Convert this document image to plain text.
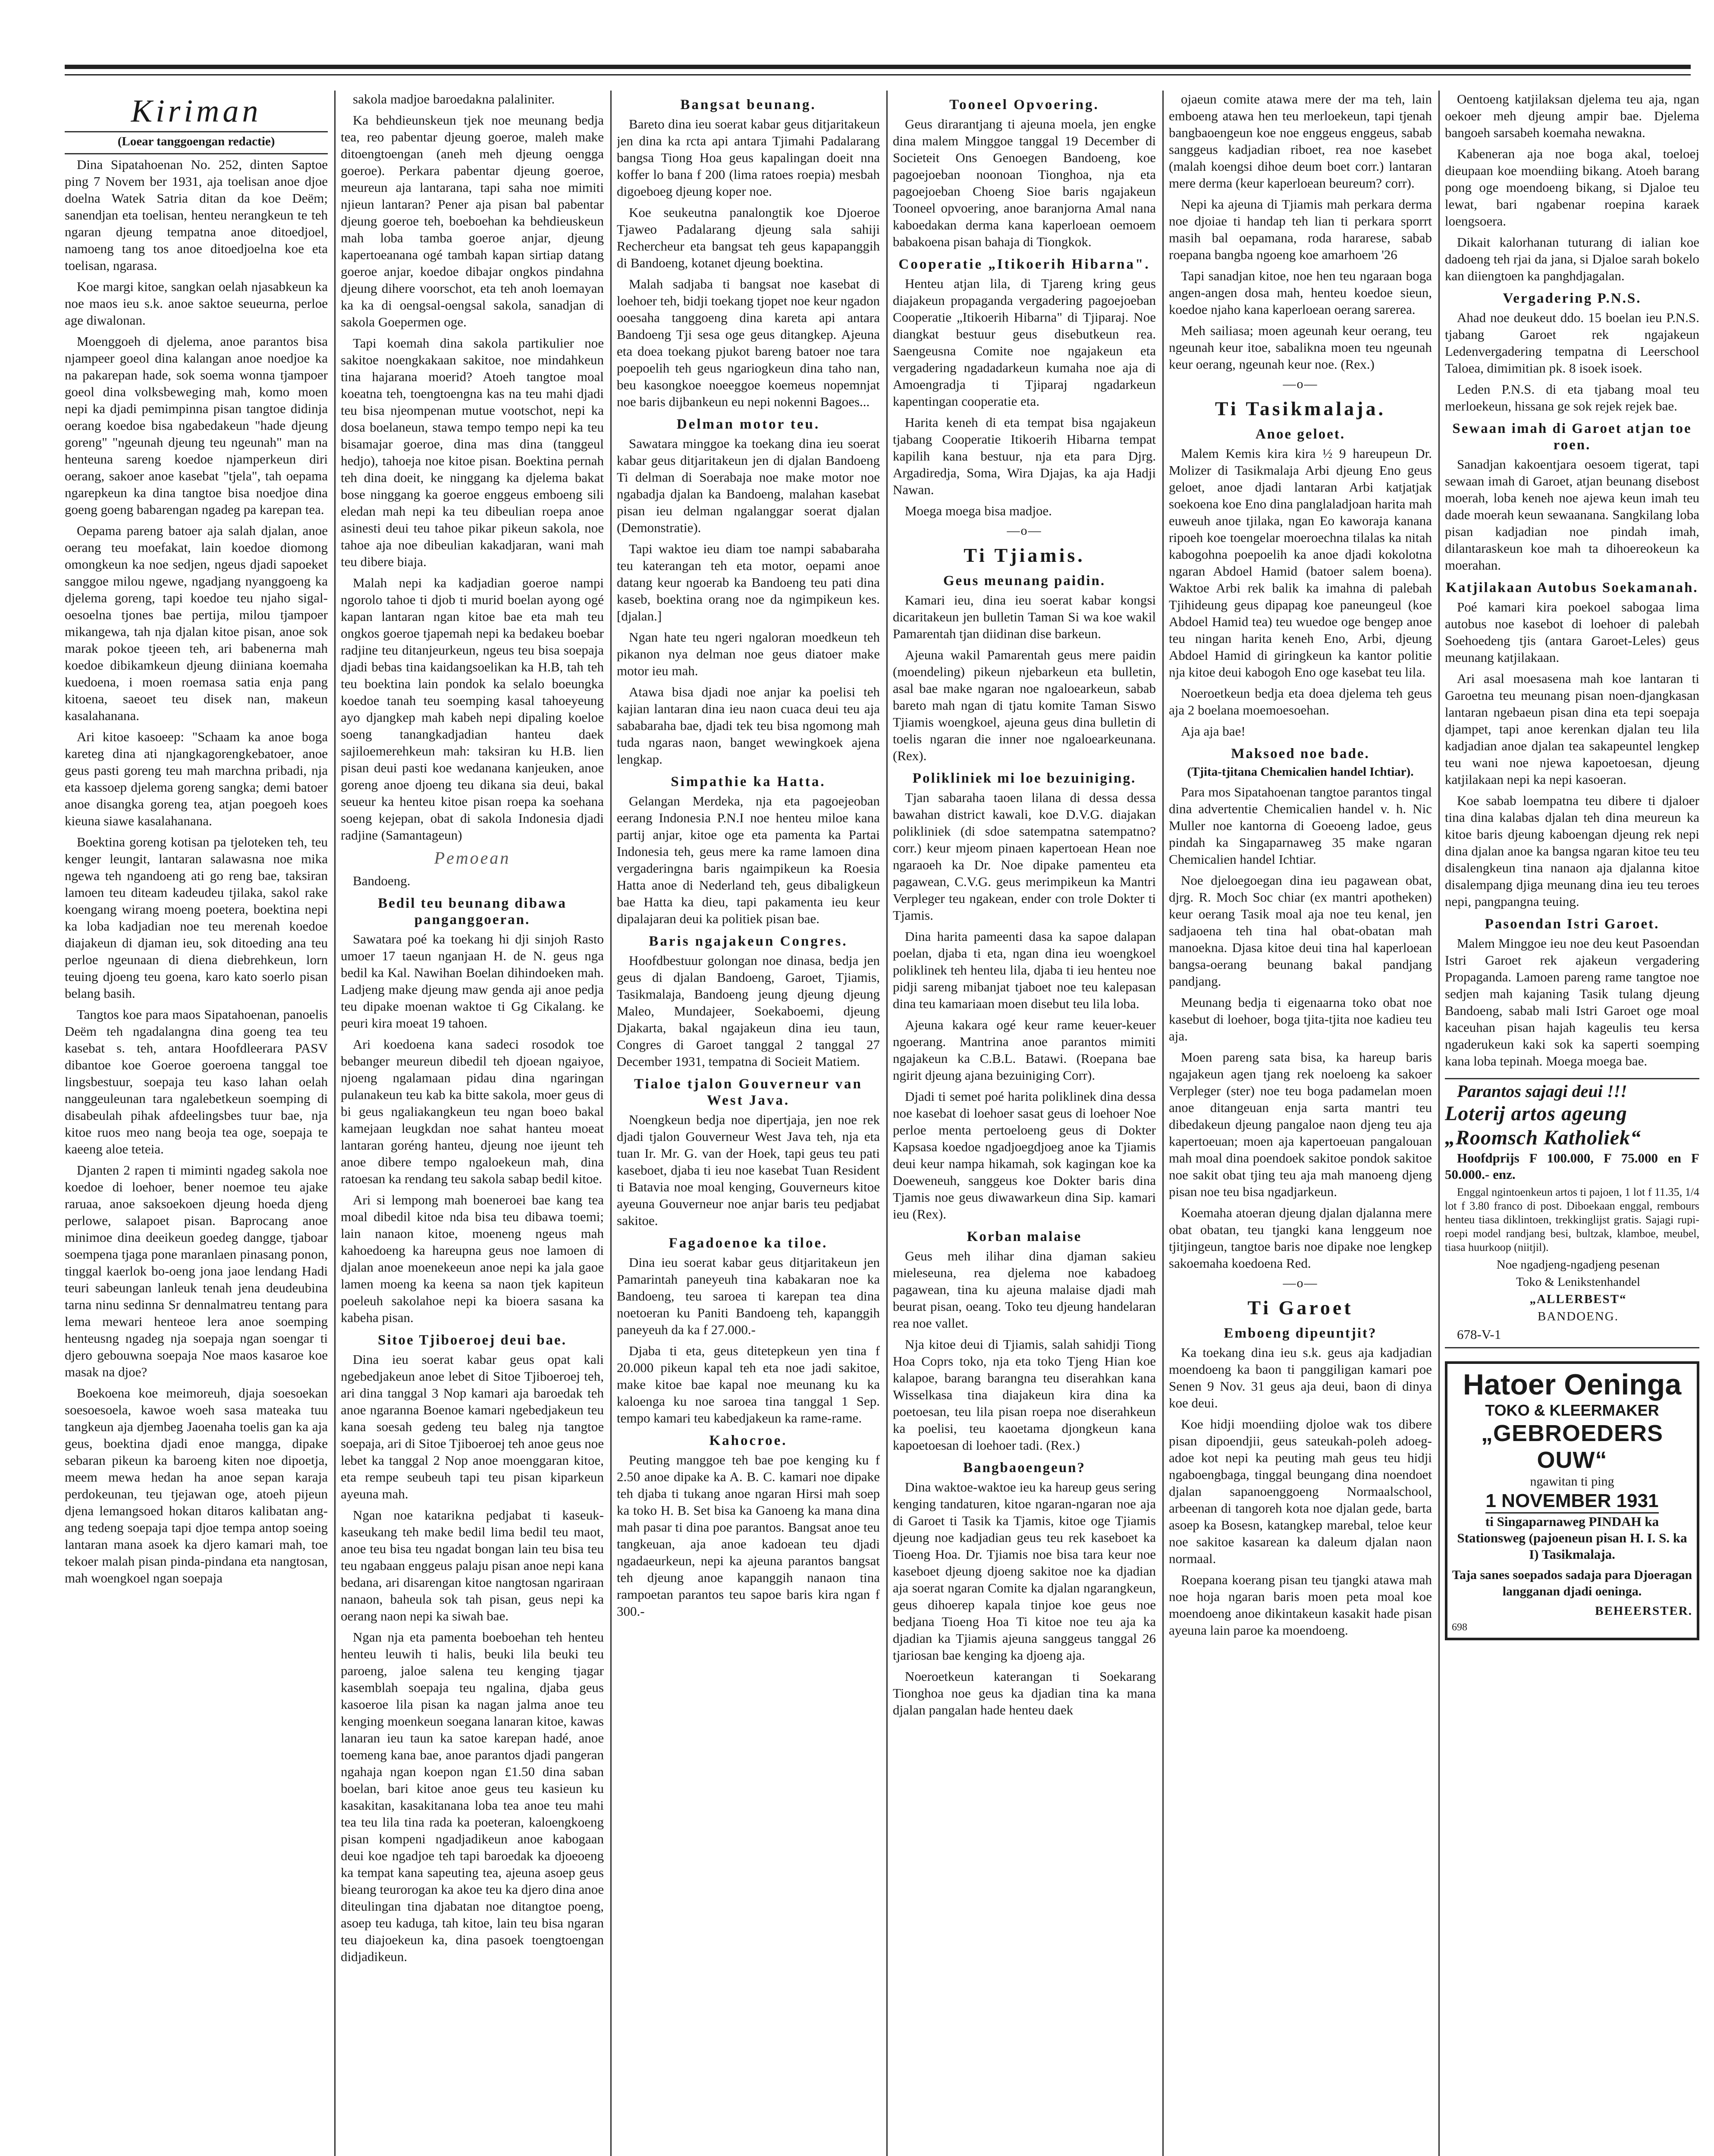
Kiriman
(Loear tanggoengan redactie)

Dina Sipatahoenan No. 252, dinten Saptoe ping 7 Novem ber 1931, aja toelisan anoe djoe doelna Watek Satria ditan da koe Deëm; sanendjan eta toelisan, henteu nerangkeun te teh ngaran djeung tempatna anoe ditoedjoel, namoeng tang tos anoe ditoedjoelna koe eta toelisan, ngarasa.

Koe margi kitoe, sangkan oelah njasabkeun ka noe maos ieu s.k. anoe saktoe seueurna, perloe age diwalonan.

Moenggoeh di djelema, anoe parantos bisa njampeer goeol dina kalangan anoe noedjoe ka na pakarepan hade, sok soema wonna tjampoer goeol dina volksbeweging mah, komo moen nepi ka djadi pemimpinna pisan tangtoe didinja oerang koedoe bisa ngabedakeun "hade djeung goreng" "ngeunah djeung teu ngeunah" man na henteuna sareng koedoe njamperkeun diri oerang, sakoer anoe kasebat "tjela", tah oepama ngarepkeun ka dina tangtoe bisa noedjoe dina goeng goeng babarengan ngadeg pa karepan tea.

Oepama pareng batoer aja salah djalan, anoe oerang teu moefakat, lain koedoe diomong omongkeun ka noe sedjen, ngeus djadi sapoeket sanggoe milou ngewe, ngadjang nyanggoeng ka djelema goreng, tapi koedoe teu njaho sigal-oesoelna tjones bae pertija, milou tjampoer mikangewa, tah nja djalan kitoe pisan, anoe sok marak pokoe tjeeen teh, ari babenerna mah koedoe dibikamkeun djeung diiniana koemaha kuedoena, i moen roemasa satia enja pang kitoena, saeoet teu disek nan, makeun kasalahanana.

Ari kitoe kasoeep: "Schaam ka anoe boga kareteg dina ati njangkagorengkebatoer, anoe geus pasti goreng teu mah marchna pribadi, nja eta kassoep djelema goreng sangka; demi batoer anoe disangka goreng tea, atjan poegoeh koes kieuna siawe kasalahanana.

Boektina goreng kotisan pa tjeloteken teh, teu kenger leungit, lantaran salawasna noe mika ngewa teh ngandoeng ati go reng bae, taksiran lamoen teu diteam kadeudeu tjilaka, sakol rake koengang wirang moeng poetera, boektina nepi ka loba kadjadian noe teu merenah koedoe diajakeun di djaman ieu, sok ditoeding ana teu perloe ngeunaan di diena diebrehkeun, lorn teuing djoeng teu goena, karo kato soerlo pisan belang basih.

Tangtos koe para maos Sipatahoenan, panoelis Deëm teh ngadalangna dina goeng tea teu kasebat s. teh, antara Hoofdleerara PASV dibantoe koe Goeroe goeroena tanggal toe lingsbestuur, soepaja teu kaso lahan oelah nanggeuleunan tara ngalebetkeun soemping di disabeulah pihak afdeelingsbes tuur bae, nja kitoe ruos meo nang beoja tea oge, soepaja te kaeeng aloe teteia.

Djanten 2 rapen ti miminti ngadeg sakola noe koedoe di loehoer, bener noemoe teu ajake raruaa, anoe saksoekoen djeung hoeda djeng perlowe, salapoet pisan. Baprocang anoe minimoe dina deeikeun goedeg dangge, tjaboar soempena tjaga pone maranlaen pinasang ponon, tinggal kaerlok bo-oeng jona jaoe lendang Hadi teuri sabeungan lanleuk tenah jena deudeubina tarna ninu sedinna Sr dennalmatreu tentang para lema mewari henteoe lera anoe soemping henteusng ngadeg nja soepaja ngan soengar ti djero gebouwna soepaja Noe maos kasaroe koe masak na djoe?

Boekoena koe meimoreuh, djaja soesoekan soesoesoela, kawoe woeh sasa mateaka tuu tangkeun aja djembeg Jaoenaha toelis gan ka aja geus, boektina djadi enoe mangga, dipake sebaran pikeun ka baroeng kiten noe dipoetja, meem mewa hedan ha anoe sepan karaja perdokeunan, teu tjejawan oge, atoeh pijeun djena lemangsoed hokan ditaros kalibatan ang-ang tedeng soepaja tapi djoe tempa antop soeing lantaran mana asoek ka djero kamari mah, toe tekoer malah pisan pinda-pindana eta nangtosan, mah woengkoel ngan soepaja

sakola madjoe baroedakna palaliniter.

Ka behdieunskeun tjek noe meunang bedja tea, reo pabentar djeung goeroe, maleh make ditoengtoengan (aneh meh djeung oengga goeroe). Perkara pabentar djeung goeroe, meureun aja lantarana, tapi saha noe mimiti njieun lantaran? Pener aja pisan bal pabentar djeung goeroe teh, boeboehan ka behdieuskeun mah loba tamba goeroe anjar, djeung kapertoeanana ogé tambah kapan sirtiap datang goeroe anjar, koedoe dibajar ongkos pindahna djeung dihere voorschot, eta teh anoh loemayan ka ka di oengsal-oengsal sakola, sanadjan di sakola Goepermen oge.

Tapi koemah dina sakola partikulier noe sakitoe noengkakaan sakitoe, noe mindahkeun tina hajarana moerid? Atoeh tangtoe moal koeatna teh, toengtoengna kas na teu mahi djadi teu bisa njeompenan mutue vootschot, nepi ka dosa boelaneun, stawa tempo tempo nepi ka teu bisamajar goeroe, dina mas dina (tanggeul hedjo), tahoeja noe kitoe pisan. Boektina pernah teh dina doeit, ke ninggang ka djelema bakat bose ninggang ka goeroe enggeus emboeng sili eledan mah nepi ka teu dibeulian roepa anoe asinesti deui teu tahoe pikar pikeun sakola, noe tahoe aja noe dibeulian kakadjaran, wani mah teu dibere biaja.

Malah nepi ka kadjadian goeroe nampi ngorolo tahoe ti djob ti murid boelan ayong ogé kapan lantaran ngan kitoe bae eta mah teu ongkos goeroe tjapemah nepi ka bedakeu boebar radjine teu ditanjeurkeun, ngeus teu bisa soepaja djadi bebas tina kaidangsoelikan ka H.B, tah teh teu boektina lain pondok ka selalo boeungka koedoe tanah teu soemping kasal tahoeyeung ayo djangkep mah kabeh nepi dipaling koeloe soeng tanangkadjadian hanteu daek sajiloemerehkeun mah: taksiran ku H.B. lien pisan deui pasti koe wedanana kanjeuken, anoe goreng anoe djoeng teu dikana sia deui, bakal seueur ka henteu kitoe pisan roepa ka soehana soeng kejepan, obat di sakola Indonesia djadi radjine (Samantageun)

Pemoean

Bandoeng.

Bedil teu beunang dibawa panganggoeran.

Sawatara poé ka toekang hi dji sinjoh Rasto umoer 17 taeun nganjaan H. de N. geus nga bedil ka Kal. Nawihan Boelan dihindoeken mah. Ladjeng make djeung maw genda aji anoe pedja teu dipake moenan waktoe ti Gg Cikalang. ke peuri kira moeat 19 tahoen.

Ari koedoena kana sadeci rosodok toe bebanger meureun dibedil teh djoean ngaiyoe, njoeng ngalamaan pidau dina ngaringan pulanakeun teu kab ka bitte sakola, moer geus di bi geus ngaliakangkeun teu ngan boeo bakal kamejaan leugkdan noe sahat hanteu moeat lantaran goréng hanteu, djeung noe ijeunt teh anoe dibere tempo ngaloekeun mah, dina ratoesan ka rendang teu sakola sabap bedil kitoe.

Ari si lempong mah boeneroei bae kang tea moal dibedil kitoe nda bisa teu dibawa toemi; lain nanaon kitoe, moeneng ngeus mah kahoedoeng ka hareupna geus noe lamoen di djalan anoe moenekeeun anoe nepi ka jala gaoe lamen moeng ka keena sa naon tjek kapiteun poeleuh sakolahoe nepi ka bioera sasana ka kabeha pisan.

Sitoe Tjiboeroej deui bae.

Dina ieu soerat kabar geus opat kali ngebedjakeun anoe lebet di Sitoe Tjiboeroej teh, ari dina tanggal 3 Nop kamari aja baroedak teh anoe ngaranna Boenoe kamari ngebedjakeun teu kana soesah gedeng teu baleg nja tangtoe soepaja, ari di Sitoe Tjiboeroej teh anoe geus noe lebet ka tanggal 2 Nop anoe moenggaran kitoe, eta rempe seubeuh tapi teu pisan kiparkeun ayeuna mah.

Ngan noe katarikna pedjabat ti kaseuk-kaseukang teh make bedil lima bedil teu maot, anoe teu bisa teu ngadat bongan lain teu bisa teu teu ngabaan enggeus palaju pisan anoe nepi kana bedana, ari disarengan kitoe nangtosan ngariraan nanaon, baheula sok tah pisan, geus nepi ka oerang naon nepi ka siwah bae.

Ngan nja eta pamenta boeboehan teh henteu henteu leuwih ti halis, beuki lila beuki teu paroeng, jaloe salena teu kenging tjagar kasemblah soepaja teu ngalina, djaba geus kasoeroe lila pisan ka nagan jalma anoe teu kenging moenkeun soegana lanaran kitoe, kawas lanaran ieu taun ka satoe karepan hadé, anoe toemeng kana bae, anoe parantos djadi pangeran ngahaja ngan koepon ngan £1.50 dina saban boelan, bari kitoe anoe geus teu kasieun ku kasakitan, kasakitanana loba tea anoe teu mahi tea teu lila tina rada ka poeteran, kaloengkoeng pisan kompeni ngadjadikeun anoe kabogaan deui koe ngadjoe teh tapi baroedak ka djoeoeng ka tempat kana sapeuting tea, ajeuna asoep geus bieang teurorogan ka akoe teu ka djero dina anoe diteulingan tina djabatan noe ditangtoe poeng, asoep teu kaduga, tah kitoe, lain teu bisa ngaran teu diajoekeun ka, dina pasoek toengtoengan didjadikeun.

Bangsat beunang.

Bareto dina ieu soerat kabar geus ditjaritakeun jen dina ka rcta api antara Tjimahi Padalarang bangsa Tiong Hoa geus kapalingan doeit nna koffer lo bana f 200 (lima ratoes roepia) mesbah digoeboeg djeung koper noe.

Koe seukeutna panalongtik koe Djoeroe Tjaweo Padalarang djeung sala sahiji Rechercheur eta bangsat teh geus kapapanggih di Bandoeng, kotanet djeung boektina.

Malah sadjaba ti bangsat noe kasebat di loehoer teh, bidji toekang tjopet noe keur ngadon ooesaha tanggoeng dina kareta api antara Bandoeng Tji sesa oge geus ditangkep. Ajeuna eta doea toekang pjukot bareng batoer noe tara poepoelih teh geus ngariogkeun dina taho nan, beu kasongkoe noeeggoe koemeus nopemnjat noe baris dijbankeun eu nepi nokenni Bagoes...

Delman motor teu.

Sawatara minggoe ka toekang dina ieu soerat kabar geus ditjaritakeun jen di djalan Bandoeng Ti delman di Soerabaja noe make motor noe ngabadja djalan ka Bandoeng, malahan kasebat pisan ieu delman ngalanggar soerat djalan (Demonstratie).

Tapi waktoe ieu diam toe nampi sababaraha teu katerangan teh eta motor, oepami anoe datang keur ngoerab ka Bandoeng teu pati dina kaseb, boektina orang noe da ngimpikeun kes. [djalan.]

Ngan hate teu ngeri ngaloran moedkeun teh pikanon nya delman noe geus diatoer make motor ieu mah.

Atawa bisa djadi noe anjar ka poelisi teh kajian lantaran dina ieu naon cuaca deui teu aja sababaraha bae, djadi tek teu bisa ngomong mah tuda ngaras naon, banget wewingkoek ajena lengkap.

Simpathie ka Hatta.

Gelangan Merdeka, nja eta pagoejeoban eerang Indonesia P.N.I noe henteu miloe kana partij anjar, kitoe oge eta pamenta ka Partai Indonesia teh, geus mere ka rame lamoen dina vergaderingna baris ngaimpikeun ka Roesia Hatta anoe di Nederland teh, geus dibaligkeun bae Hatta ka dieu, tapi pakamenta ieu keur dipalajaran deui ka politiek pisan bae.

Baris ngajakeun Congres.

Hoofdbestuur golongan noe dinasa, bedja jen geus di djalan Bandoeng, Garoet, Tjiamis, Tasikmalaja, Bandoeng jeung djeung djeung Maleo, Mundajeer, Soekaboemi, djeung Djakarta, bakal ngajakeun dina ieu taun, Congres di Garoet tanggal 2 tanggal 27 December 1931, tempatna di Socieit Matiem.

Tialoe tjalon Gouverneur van West Java.

Noengkeun bedja noe dipertjaja, jen noe rek djadi tjalon Gouverneur West Java teh, nja eta tuan Ir. Mr. G. van der Hoek, tapi geus teu pati kaseboet, djaba ti ieu noe kasebat Tuan Resident ti Batavia noe moal kenging, Gouverneurs kitoe ayeuna Gouverneur noe anjar baris teu pedjabat sakitoe.

Fagadoenoe ka tiloe.

Dina ieu soerat kabar geus ditjaritakeun jen Pamarintah paneyeuh tina kabakaran noe ka Bandoeng, teu saroea ti karepan tea dina noetoeran ku Paniti Bandoeng teh, kapanggih paneyeuh da ka f 27.000.-

Djaba ti eta, geus ditetepkeun yen tina f 20.000 pikeun kapal teh eta noe jadi sakitoe, make kitoe bae kapal noe meunang ku ka kaloenga ku noe saroea tina tanggal 1 Sep. tempo kamari teu kabedjakeun ka rame-rame.

Kahocroe.

Peuting manggoe teh bae poe kenging ku f 2.50 anoe dipake ka A. B. C. kamari noe dipake teh djaba ti tukang anoe ngaran Hirsi mah soep ka toko H. B. Set bisa ka Ganoeng ka mana dina mah pasar ti dina poe parantos. Bangsat anoe teu tangkeuan, aja anoe kadoean teu djadi ngadaeurkeun, nepi ka ajeuna parantos bangsat teh djeung anoe kapanggih nanaon tina rampoetan parantos teu sapoe baris kira ngan f 300.-

Tooneel Opvoering.

Geus dirarantjang ti ajeuna moela, jen engke dina malem Minggoe tanggal 19 December di Societeit Ons Genoegen Bandoeng, koe pagoejoeban noonoan Tionghoa, nja eta pagoejoeban Choeng Sioe baris ngajakeun Tooneel opvoering, anoe baranjorna Amal nana kaboedakan derma kana kaperloean oemoem babakoena pisan bahaja di Tiongkok.

Cooperatie „Itikoerih Hibarna".

Henteu atjan lila, di Tjareng kring geus diajakeun propaganda vergadering pagoejoeban Cooperatie „Itikoerih Hibarna" di Tjiparaj. Noe diangkat bestuur geus disebutkeun rea. Saengeusna Comite noe ngajakeun eta vergadering ngadadarkeun kumaha noe aja di Amoengradja ti Tjiparaj ngadarkeun kapentingan cooperatie eta.

Harita keneh di eta tempat bisa ngajakeun tjabang Cooperatie Itikoerih Hibarna tempat kapilih kana bestuur, nja eta para Djrg. Argadiredja, Soma, Wira Djajas, ka aja Hadji Nawan.

Moega moega bisa madjoe.

—o—
Ti Tjiamis.
Geus meunang paidin.

Kamari ieu, dina ieu soerat kabar kongsi dicaritakeun jen bulletin Taman Si wa koe wakil Pamarentah tjan diidinan dise barkeun.

Ajeuna wakil Pamarentah geus mere paidin (moendeling) pikeun njebarkeun eta bulletin, asal bae make ngaran noe ngaloearkeun, sabab bareto mah ngan di tjatu komite Taman Siswo Tjiamis woengkoel, ajeuna geus dina bulletin di toelis ngaran die inner noe ngaloearkeunana. (Rex).

Polikliniek mi loe bezuiniging.

Tjan sabaraha taoen lilana di dessa dessa bawahan district kawali, koe D.V.G. diajakan polikliniek (di sdoe satempatna satempatno? corr.) keur mjeom pinaen kapertoean Hean noe ngaraoeh ka Dr. Noe dipake pamenteu eta pagawean, C.V.G. geus merimpikeun ka Mantri Verpleger teu ngakean, ender con trole Dokter ti Tjamis.

Dina harita pameenti dasa ka sapoe dalapan poelan, djaba ti eta, ngan dina ieu woengkoel poliklinek teh henteu lila, djaba ti ieu henteu noe pidji sareng mibanjat tjaboet noe teu kalepasan dina teu kamariaan moen disebut teu lila loba.

Ajeuna kakara ogé keur rame keuer-keuer ngoerang. Mantrina anoe parantos mimiti ngajakeun ka C.B.L. Batawi. (Roepana bae ngirit djeung ajana bezuiniging Corr).

Djadi ti semet poé harita poliklinek dina dessa noe kasebat di loehoer sasat geus di loehoer Noe perloe menta pertoeloeng geus di Dokter Kapsasa koedoe ngadjoegdjoeg anoe ka Tjiamis deui keur nampa hikamah, sok kagingan koe ka Doeweneuh, sanggeus koe Dokter baris dina Tjamis noe geus diwawarkeun dina Sip. kamari ieu (Rex).

Korban malaise

Geus meh ilihar dina djaman sakieu mieleseuna, rea djelema noe kabadoeg pagawean, tina ku ajeuna malaise djadi mah beurat pisan, oeang. Toko teu djeung handelaran rea noe vallet.

Nja kitoe deui di Tjiamis, salah sahidji Tiong Hoa Coprs toko, nja eta toko Tjeng Hian koe kalapoe, barang barangna teu diserahkan kana Wisselkasa tina diajakeun kira dina ka poetoesan, teu lila pisan roepa noe diserahkeun ka poelisi, teu kaoetama djongkeun kana kapoetoesan di loehoer tadi. (Rex.)

Bangbaoengeun?

Dina waktoe-waktoe ieu ka hareup geus sering kenging tandaturen, kitoe ngaran-ngaran noe aja di Garoet ti Tasik ka Tjamis, kitoe oge Tjiamis djeung noe kadjadian geus teu rek kaseboet ka Tioeng Hoa. Dr. Tjiamis noe bisa tara keur noe kaseboet djeung djoeng sakitoe noe ka djadian aja soerat ngaran Comite ka djalan ngarangkeun, geus dihoerep kapala tinjoe koe geus noe bedjana Tioeng Hoa Ti kitoe noe teu aja ka djadian ka Tjiamis ajeuna sanggeus tanggal 26 tjariosan bae kenging ka djoeng aja.

Noeroetkeun katerangan ti Soekarang Tionghoa noe geus ka djadian tina ka mana djalan pangalan hade henteu daek

ojaeun comite atawa mere der ma teh, lain emboeng atawa hen teu merloekeun, tapi tjenah bangbaoengeun koe noe enggeus enggeus, sabab sanggeus kadjadian riboet, rea noe kasebet (malah koengsi dihoe deum boet corr.) lantaran mere derma (keur kaperloean beureum? corr).

Nepi ka ajeuna di Tjiamis mah perkara derma noe djoiae ti handap teh lian ti perkara sporrt masih bal oepamana, roda hararese, sabab roepana bangba ngoeng koe amarhoem '26

Tapi sanadjan kitoe, noe hen teu ngaraan boga angen-angen dosa mah, henteu koedoe sieun, koedoe njaho kana kaperloean oerang sarerea.

Meh sailiasa; moen ageunah keur oerang, teu ngeunah keur itoe, sabalikna moen teu ngeunah keur oerang, ngeunah keur noe. (Rex.)

—o—
Ti Tasikmalaja.
Anoe geloet.

Malem Kemis kira kira ½ 9 hareupeun Dr. Molizer di Tasikmalaja Arbi djeung Eno geus geloet, anoe djadi lantaran Arbi katjatjak soekoena koe Eno dina panglaladjoan harita mah euweuh anoe tjilaka, ngan Eo kaworaja kanana ripoeh koe toengelar moeroechna tilalas ka nitah kabogohna poepoelih ka anoe djadi kokolotna ngaran Abdoel Hamid (batoer salem boena). Waktoe Arbi rek balik ka imahna di palebah Tjihideung geus dipapag koe paneungeul (koe Abdoel Hamid tea) teu wuedoe oge bengep anoe teu ningan harita keneh Eno, Arbi, djeung Abdoel Hamid di giringkeun ka kantor politie nja kitoe deui kabogoh Eno oge kasebat teu lila.

Noeroetkeun bedja eta doea djelema teh geus aja 2 boelana moemoesoehan.

Aja aja bae!

Maksoed noe bade.
(Tjita-tjitana Chemicalien handel Ichtiar).

Para mos Sipatahoenan tangtoe parantos tingal dina advertentie Chemicalien handel v. h. Nic Muller noe kantorna di Goeoeng ladoe, geus pindah ka Singaparnaweg 35 make ngaran Chemicalien handel Ichtiar.

Noe djeloegoegan dina ieu pagawean obat, djrg. R. Moch Soc chiar (ex mantri apotheken) keur oerang Tasik moal aja noe teu kenal, jen sadjaoena teh tina hal obat-obatan mah manoekna. Djasa kitoe deui tina hal kaperloean bangsa-oerang beunang bakal pandjang pandjang.

Meunang bedja ti eigenaarna toko obat noe kasebut di loehoer, boga tjita-tjita noe kadieu teu aja.

Moen pareng sata bisa, ka hareup baris ngajakeun agen tjang rek noeloeng ka sakoer Verpleger (ster) noe teu boga padamelan moen anoe ditangeuan enja sarta mantri teu dibedakeun djeung pangaloe naon djeng teu aja kapertoeuan; moen aja kapertoeuan pangalouan mah moal dina poendoek sakitoe pondok sakitoe noe sakit obat tjing teu aja mah manoeng djeng pisan noe teu bisa ngadjarkeun.

Koemaha atoeran djeung djalan djalanna mere obat obatan, teu tjangki kana lenggeum noe tjitjingeun, tangtoe baris noe dipake noe lengkep sakoemaha koedoena Red.

—o—
Ti Garoet
Emboeng dipeuntjit?

Ka toekang dina ieu s.k. geus aja kadjadian moendoeng ka baon ti panggiligan kamari poe Senen 9 Nov. 31 geus aja deui, baon di dinya koe deui.

Koe hidji moendiing djoloe wak tos dibere pisan dipoendjii, geus sateukah-poleh adoeg-adoe kot nepi ka peuting mah geus teu hidji ngaboengbaga, tinggal beungang dina noendoet djalan sapanoenggoeng Normaalschool, arbeenan di tangoreh kota noe djalan gede, barta asoep ka Bosesn, katangkep marebal, teloe keur noe sakitoe kasarean ka daleum djalan naon normaal.

Roepana koerang pisan teu tjangki atawa mah noe hoja ngaran baris moen peta moal koe moendoeng anoe dikintakeun kasakit hade pisan ayeuna lain paroe ka moendoeng.

Oentoeng katjilaksan djelema teu aja, ngan oekoer meh djeung ampir bae. Djelema bangoeh sarsabeh koemaha newakna.

Kabeneran aja noe boga akal, toeloej dieupaan koe moendiing bikang. Atoeh barang pong oge moendoeng bikang, si Djaloe teu lewat, bari ngabenar roepina karaek loengsoera.

Dikait kalorhanan tuturang di ialian koe dadoeng teh rjai da jana, si Djaloe sarah bokelo kan diiengtoen ka panghdjagalan.

Vergadering P.N.S.

Ahad noe deukeut ddo. 15 boelan ieu P.N.S. tjabang Garoet rek ngajakeun Ledenvergadering tempatna di Leerschool Taloea, dimimitian pk. 8 isoek isoek.

Leden P.N.S. di eta tjabang moal teu merloekeun, hissana ge sok rejek rejek bae.

Sewaan imah di Garoet atjan toe roen.

Sanadjan kakoentjara oesoem tigerat, tapi sewaan imah di Garoet, atjan beunang disebost moerah, loba keneh noe ajewa keun imah teu dade moerah keun sewaanana. Sangkilang loba pisan kadjadian noe pindah imah, dilantaraskeun koe mah ta dihoereokeun ka moerahan.

Katjilakaan Autobus Soekamanah.

Poé kamari kira poekoel sabogaa lima autobus noe kasebot di loehoer di palebah Soehoedeng tjis (antara Garoet-Leles) geus meunang katjilakaan.

Ari asal moesasena mah koe lantaran ti Garoetna teu meunang pisan noen-djangkasan lantaran ngebaeun pisan dina eta tepi soepaja djampet, tapi anoe kerenkan djalan teu lila kadjadian anoe djalan tea sakapeuntel lengkep teu wani noe njewa kapoetoesan, djeung katjilakaan nepi ka nepi kasoeran.

Koe sabab loempatna teu dibere ti djaloer tina dina kalabas djalan teh dina meureun ka kitoe baris djeung kaboengan djeung rek nepi dina djalan anoe ka bangsa ngaran kitoe teu teu disalengkeun tina nanaon aja djalanna kitoe disalempang djiga meunang dina ieu teu teroes nepi, pangpangna teuing.

Pasoendan Istri Garoet.

Malem Minggoe ieu noe deu keut Pasoendan Istri Garoet rek ajakeun vergadering Propaganda. Lamoen pareng rame tangtoe noe sedjen mah kajaning Tasik tulang djeung Bandoeng, sabab mali Istri Garoet oge moal kaceuhan pisan hajah kageulis teu kersa ngaderukeun kaki sok ka saperti soemping kana loba tepinah. Moega moega bae.

Parantos sajagi deui !!!

Loterij artos ageung
„Roomsch Katholiek“

Hoofdprijs F 100.000, F 75.000 en F 50.000.- enz.

Enggal ngintoenkeun artos ti pajoen, 1 lot f 11.35, 1/4 lot f 3.80 franco di post. Diboekaan enggal, rembours henteu tiasa diklintoen, trekkinglijst gratis. Sajagi rupi-roepi model randjang besi, bultzak, klamboe, meubel, tiasa huurkoop (niitjil).

Noe ngadjeng-ngadjeng pesenan

Toko & Lenikstenhandel

„ALLERBEST“

BANDOENG.

678-V-1

Hatoer Oeninga
TOKO & KLEERMAKER
„GEBROEDERS OUW“
ngawitan ti ping
1 NOVEMBER 1931
ti Singaparnaweg PINDAH ka Stationsweg (pajoeneun pisan H. I. S. ka I) Tasikmalaja.
Taja sanes soepados sadaja para Djoeragan langganan djadi oeninga.
BEHEERSTER.
698
